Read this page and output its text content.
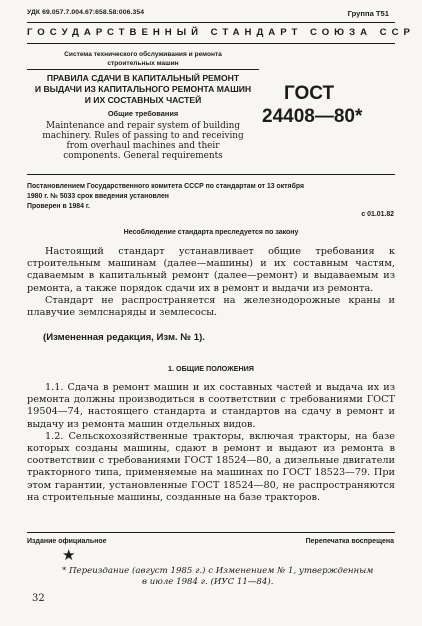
УДК 69.057.7.004.67:658.58:006.354	Группа Т51
ГОСУДАРСТВЕННЫЙ СТАНДАРТ СОЮЗА ССР
Система технического обслуживания и ремонта
строительных машин
ПРАВИЛА СДАЧИ В КАПИТАЛЬНЫЙ РЕМОНТ
И ВЫДАЧИ ИЗ КАПИТАЛЬНОГО РЕМОНТА МАШИН
И ИХ СОСТАВНЫХ ЧАСТЕЙ
Общие требования
Maintenance and repair system of building
machinery. Rules of passing to and receiving
from overhaul machines and their
components. General requirements
ГОСТ
24408—80*
Постановлением Государственного комитета СССР по стандартам от 13 октября
1980 г. № 5033 срок введения установлен
Проверен в 1984 г.
с 01.01.82
Несоблюдение стандарта преследуется по закону

Настоящий стандарт устанавливает общие требования к строительным машинам (далее—машины) и их составным частям, сдаваемым в капитальный ремонт (далее—ремонт) и выдаваемым из ремонта, а также порядок сдачи их в ремонт и выдачи из ремонта.

Стандарт не распространяется на железнодорожные краны и плавучие землснаряды и землесосы.

(Измененная редакция, Изм. № 1).
1. ОБЩИЕ ПОЛОЖЕНИЯ

1.1. Сдача в ремонт машин и их составных частей и выдача их из ремонта должны производиться в соответствии с требованиями ГОСТ 19504—74, настоящего стандарта и стандартов на сдачу в ремонт и выдачу из ремонта машин отдельных видов.

1.2. Сельскохозяйственные тракторы, включая тракторы, на базе которых созданы машины, сдают в ремонт и выдают из ремонта в соответствии с требованиями ГОСТ 18524—80, а дизельные двигатели тракторного типа, применяемые на машинах по ГОСТ 18523—79. При этом гарантии, установленные ГОСТ 18524—80, не распространяются на строительные машины, созданные на базе тракторов.

Издание официальное	Перепечатка воспрещена
★
* Переиздание (август 1985 г.) с Изменением № 1, утвержденным
в июле 1984 г. (ИУС 11—84).
32
